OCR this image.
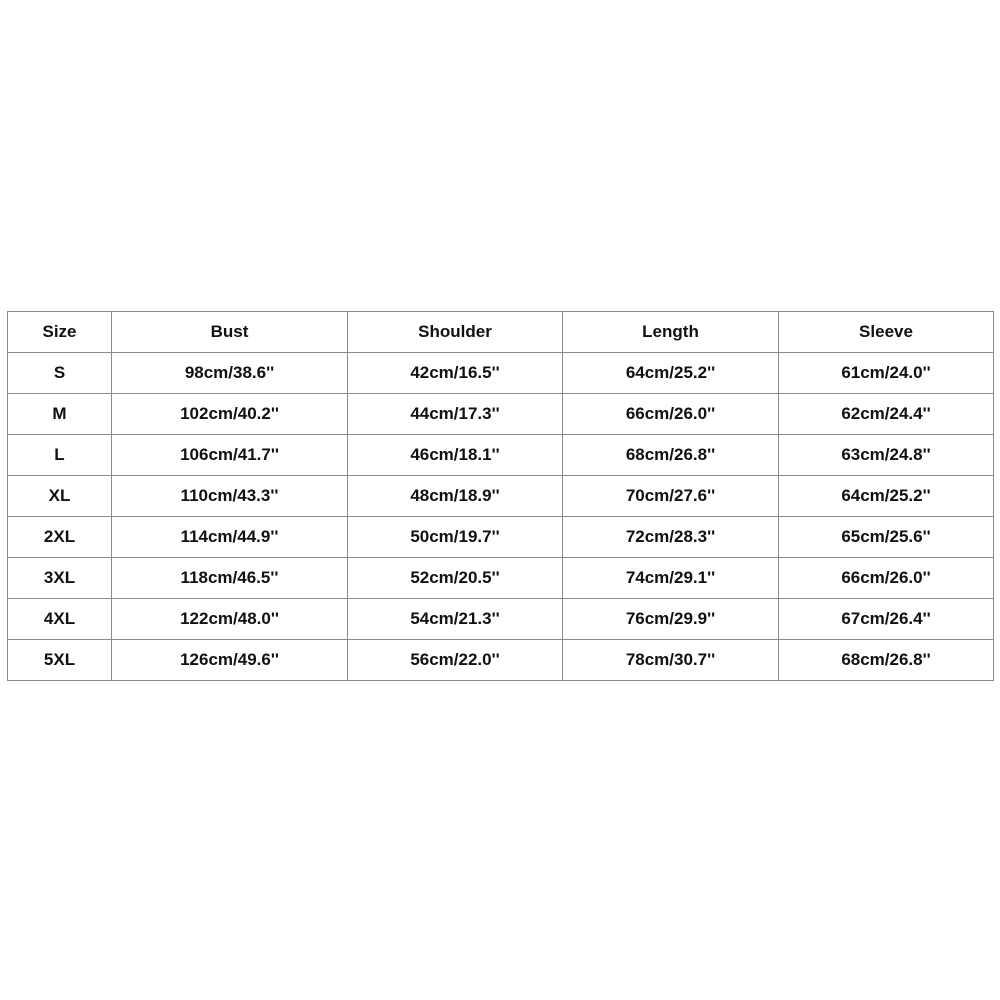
Size	Bust	Shoulder	Length	Sleeve
S	98cm/38.6''	42cm/16.5''	64cm/25.2''	61cm/24.0''
M	102cm/40.2''	44cm/17.3''	66cm/26.0''	62cm/24.4''
L	106cm/41.7''	46cm/18.1''	68cm/26.8''	63cm/24.8''
XL	110cm/43.3''	48cm/18.9''	70cm/27.6''	64cm/25.2''
2XL	114cm/44.9''	50cm/19.7''	72cm/28.3''	65cm/25.6''
3XL	118cm/46.5''	52cm/20.5''	74cm/29.1''	66cm/26.0''
4XL	122cm/48.0''	54cm/21.3''	76cm/29.9''	67cm/26.4''
5XL	126cm/49.6''	56cm/22.0''	78cm/30.7''	68cm/26.8''
